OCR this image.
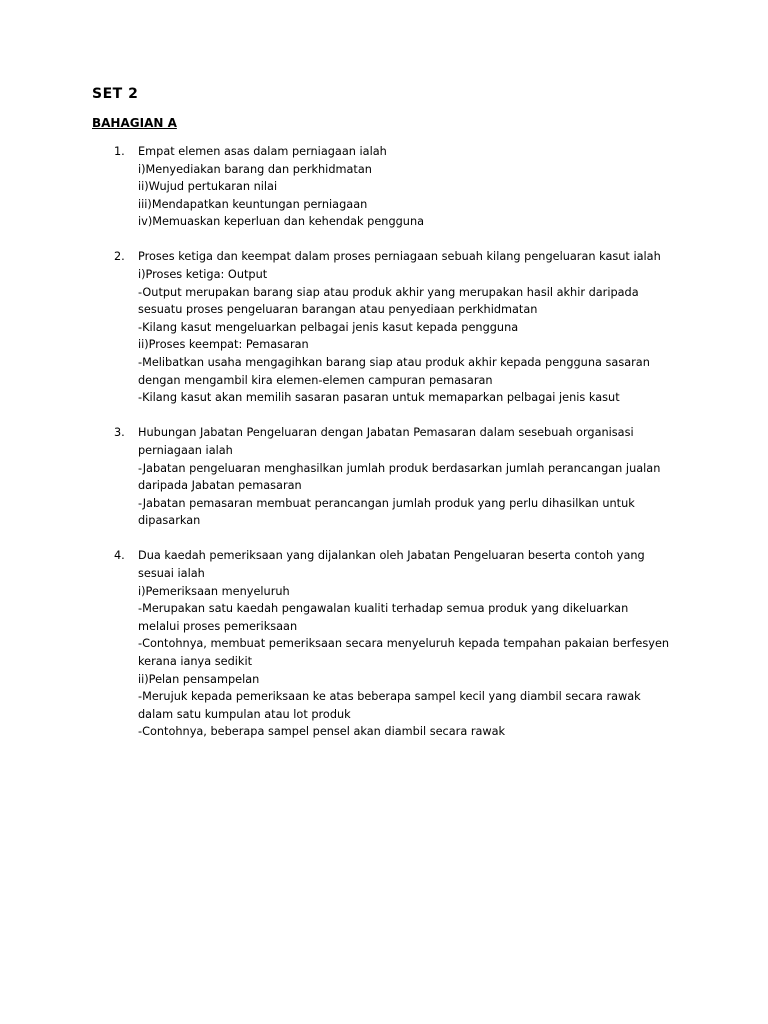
SET 2
BAHAGIAN A
1. Empat elemen asas dalam perniagaan ialah
i)Menyediakan barang dan perkhidmatan
ii)Wujud pertukaran nilai
iii)Mendapatkan keuntungan perniagaan
iv)Memuaskan keperluan dan kehendak pengguna
2. Proses ketiga dan keempat dalam proses perniagaan sebuah kilang pengeluaran kasut ialah
i)Proses ketiga: Output
-Output merupakan barang siap atau produk akhir yang merupakan hasil akhir daripada
sesuatu proses pengeluaran barangan atau penyediaan perkhidmatan
-Kilang kasut mengeluarkan pelbagai jenis kasut kepada pengguna
ii)Proses keempat: Pemasaran
-Melibatkan usaha mengagihkan barang siap atau produk akhir kepada pengguna sasaran
dengan mengambil kira elemen-elemen campuran pemasaran
-Kilang kasut akan memilih sasaran pasaran untuk memaparkan pelbagai jenis kasut
3. Hubungan Jabatan Pengeluaran dengan Jabatan Pemasaran dalam sesebuah organisasi
perniagaan ialah
-Jabatan pengeluaran menghasilkan jumlah produk berdasarkan jumlah perancangan jualan
daripada Jabatan pemasaran
-Jabatan pemasaran membuat perancangan jumlah produk yang perlu dihasilkan untuk
dipasarkan
4. Dua kaedah pemeriksaan yang dijalankan oleh Jabatan Pengeluaran beserta contoh yang
sesuai ialah
i)Pemeriksaan menyeluruh
-Merupakan satu kaedah pengawalan kualiti terhadap semua produk yang dikeluarkan
melalui proses pemeriksaan
-Contohnya, membuat pemeriksaan secara menyeluruh kepada tempahan pakaian berfesyen
kerana ianya sedikit
ii)Pelan pensampelan
-Merujuk kepada pemeriksaan ke atas beberapa sampel kecil yang diambil secara rawak
dalam satu kumpulan atau lot produk
-Contohnya, beberapa sampel pensel akan diambil secara rawak
